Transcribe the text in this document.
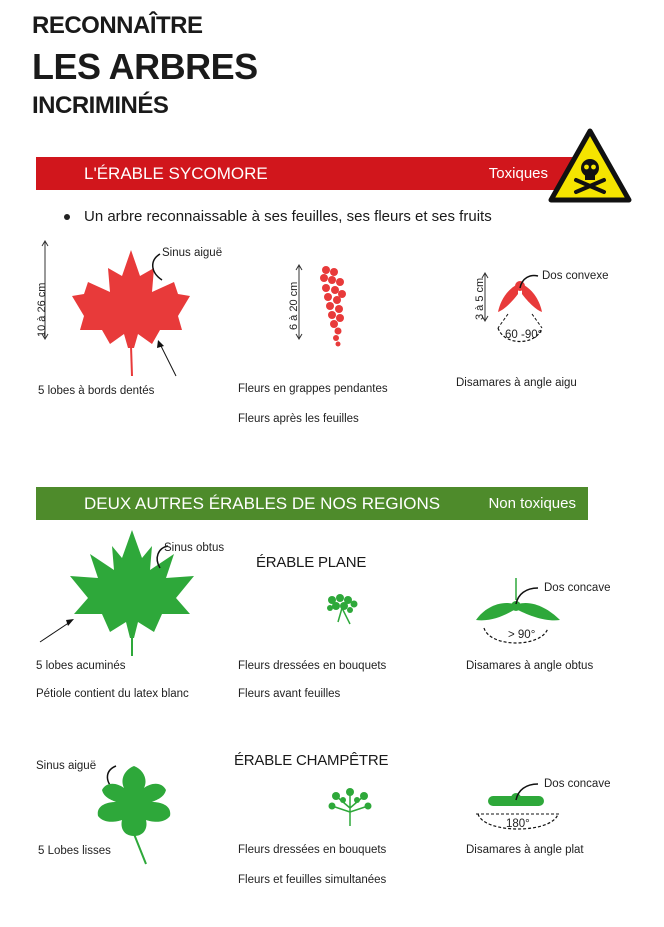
RECONNAÎTRE
LES ARBRES
INCRIMINÉS
L'ÉRABLE SYCOMORE	Toxiques
Un arbre reconnaissable à ses feuilles, ses fleurs et ses fruits
10 à 26 cm
Sinus aiguë
5 lobes à bords dentés
6 à 20 cm
Fleurs en grappes pendantes
Fleurs après les feuilles
3 à 5 cm
Dos convexe
60 -90°
Disamares à angle aigu
DEUX AUTRES ÉRABLES DE NOS REGIONS	Non toxiques
Sinus obtus
5 lobes acuminés
Pétiole contient du latex blanc
ÉRABLE PLANE
Fleurs dressées en bouquets
Fleurs avant feuilles
Dos concave
> 90°
Disamares à angle obtus
Sinus aiguë
5 Lobes lisses
ÉRABLE CHAMPÊTRE
Fleurs dressées en bouquets
Fleurs et feuilles simultanées
Dos concave
180°
Disamares à angle plat
